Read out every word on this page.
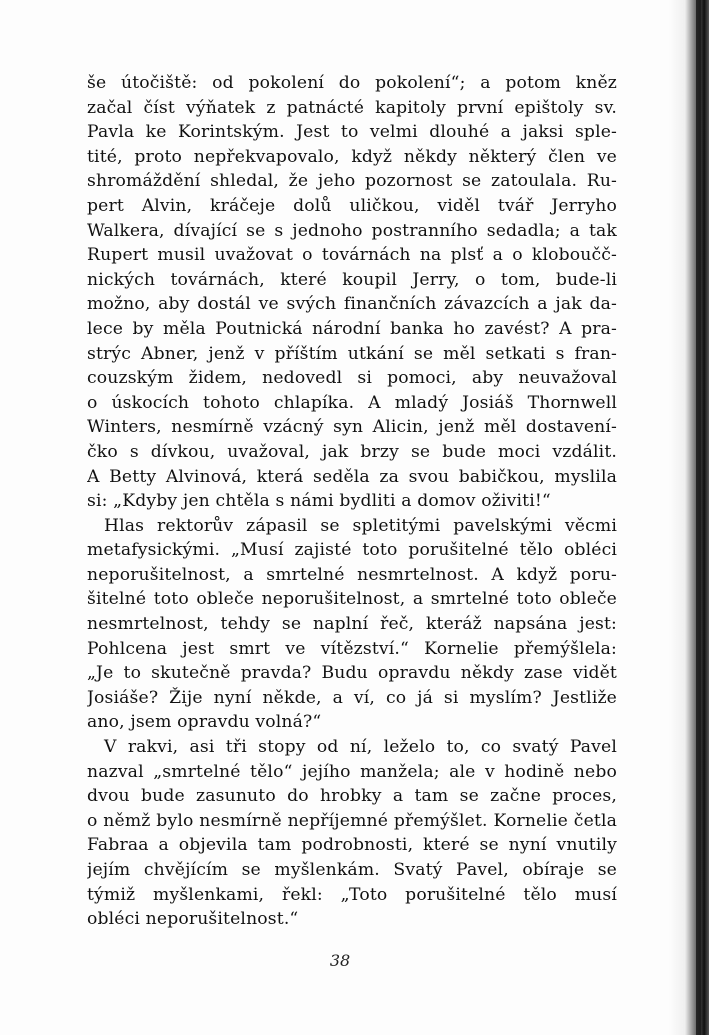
še útočiště: od pokolení do pokolení“; a potom kněz
začal číst výňatek z patnácté kapitoly první epištoly sv.
Pavla ke Korintským. Jest to velmi dlouhé a jaksi sple-
tité, proto nepřekvapovalo, když někdy některý člen ve
shromáždění shledal, že jeho pozornost se zatoulala. Ru-
pert Alvin, kráčeje dolů uličkou, viděl tvář Jerryho
Walkera, dívající se s jednoho postranního sedadla; a tak
Rupert musil uvažovat o továrnách na plsť a o kloboučč-
nických továrnách, které koupil Jerry, o tom, bude-li
možno, aby dostál ve svých finančních závazcích a jak da-
lece by měla Poutnická národní banka ho zavést? A pra-
strýc Abner, jenž v příštím utkání se měl setkati s fran-
couzským židem, nedovedl si pomoci, aby neuvažoval
o úskocích tohoto chlapíka. A mladý Josiáš Thornwell
Winters, nesmírně vzácný syn Alicin, jenž měl dostavení-
čko s dívkou, uvažoval, jak brzy se bude moci vzdálit.
A Betty Alvinová, která seděla za svou babičkou, myslila
si: „Kdyby jen chtěla s námi bydliti a domov oživiti!“
Hlas rektorův zápasil se spletitými pavelskými věcmi
metafysickými. „Musí zajisté toto porušitelné tělo obléci
neporušitelnost, a smrtelné nesmrtelnost. A když poru-
šitelné toto obleče neporušitelnost, a smrtelné toto obleče
nesmrtelnost, tehdy se naplní řeč, kteráž napsána jest:
Pohlcena jest smrt ve vítězství.“ Kornelie přemýšlela:
„Je to skutečně pravda? Budu opravdu někdy zase vidět
Josiáše? Žije nyní někde, a ví, co já si myslím? Jestliže
ano, jsem opravdu volná?“
V rakvi, asi tři stopy od ní, leželo to, co svatý Pavel
nazval „smrtelné tělo“ jejího manžela; ale v hodině nebo
dvou bude zasunuto do hrobky a tam se začne proces,
o němž bylo nesmírně nepříjemné přemýšlet. Kornelie četla
Fabraa a objevila tam podrobnosti, které se nyní vnutily
jejím chvějícím se myšlenkám. Svatý Pavel, obíraje se
týmiž myšlenkami, řekl: „Toto porušitelné tělo musí
obléci neporušitelnost.“
38
